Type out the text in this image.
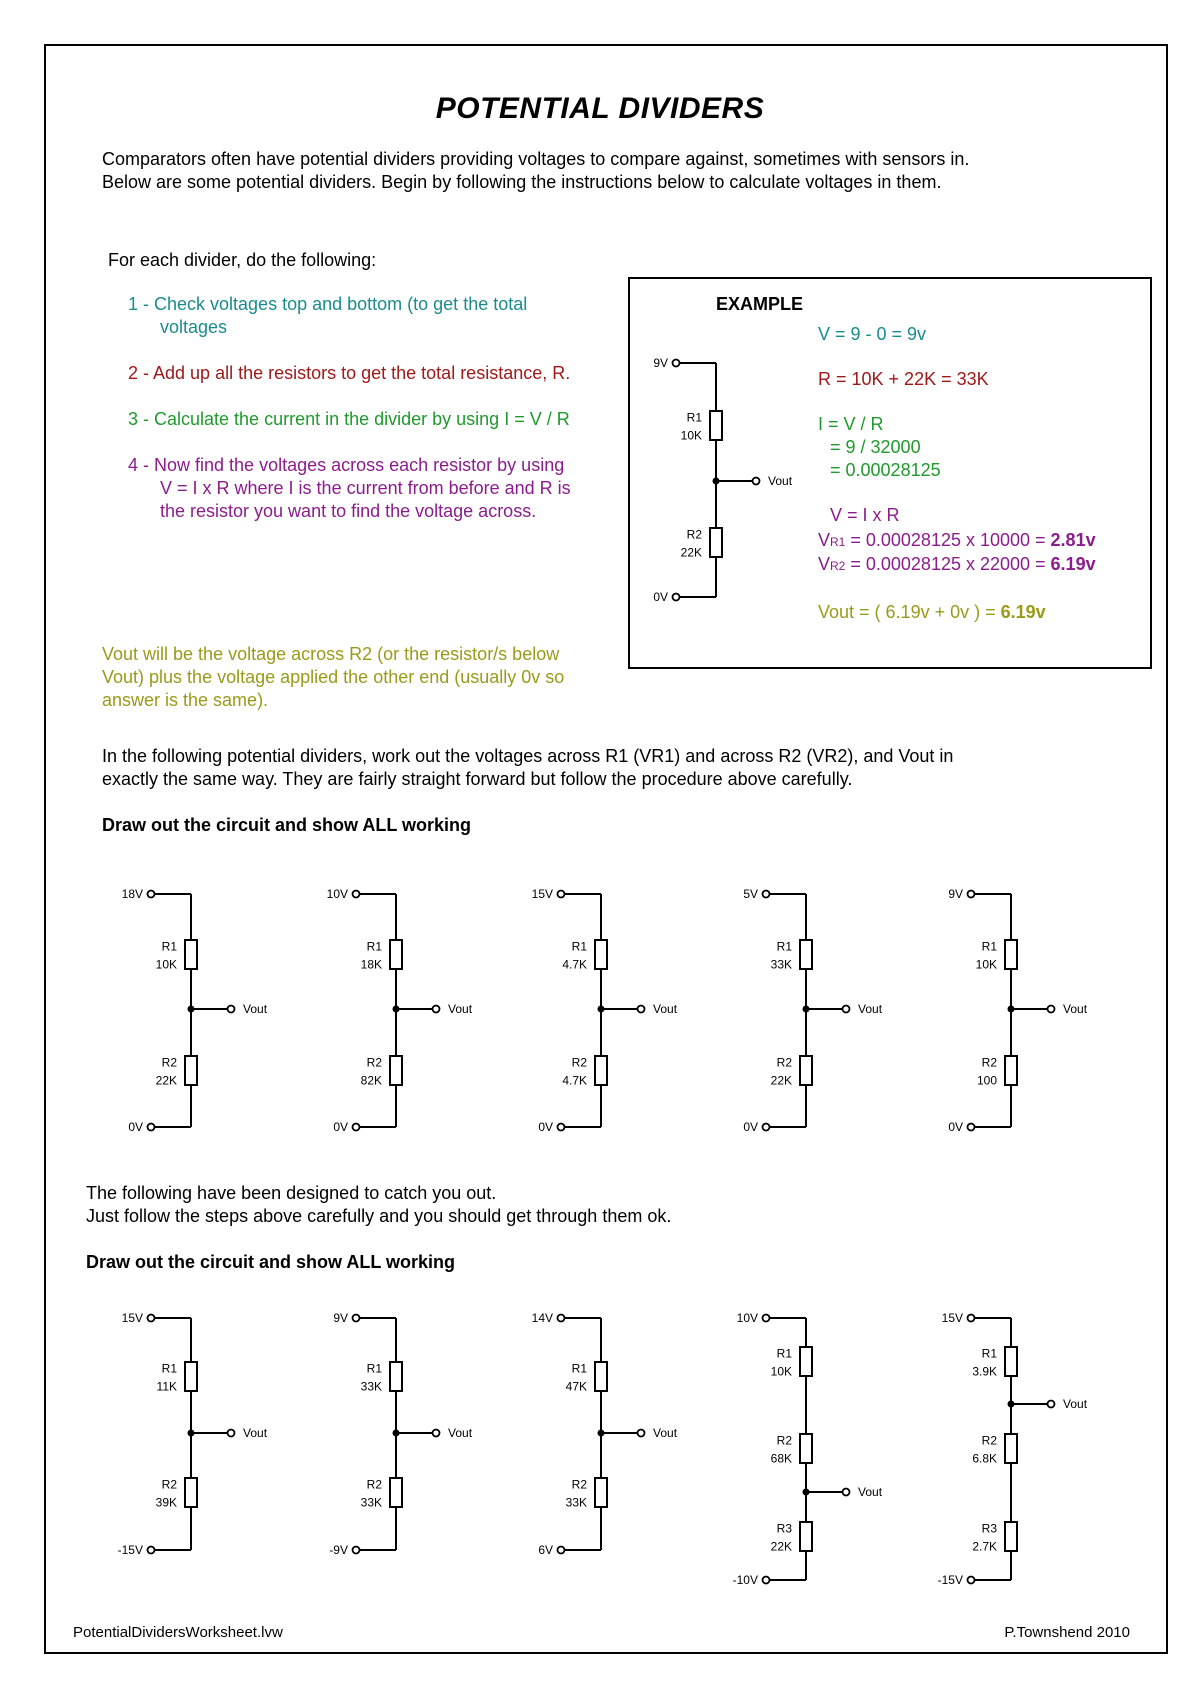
POTENTIAL DIVIDERS
Comparators often have potential dividers providing voltages to compare against, sometimes with sensors in.
Below are some potential dividers. Begin by following the instructions below to calculate voltages in them.
For each divider, do the following:
1 - Check voltages top and bottom (to get the total voltages
2 - Add up all the resistors to get the total resistance, R.
3 - Calculate the current in the divider by using I = V / R
4 - Now find the voltages across each resistor by using V = I x R where I is the current from before and R is the resistor you want to find the voltage across.
Vout will be the voltage across R2 (or the resistor/s below Vout) plus the voltage applied the other end (usually 0v so answer is the same).
EXAMPLE
V = 9 - 0 = 9v
R = 10K + 22K = 33K
I = V / R
= 9 / 32000
= 0.00028125
V = I x R
VR1 = 0.00028125 x 10000 = 2.81v
VR2 = 0.00028125 x 22000 = 6.19v
Vout = ( 6.19v + 0v ) = 6.19v
In the following potential dividers, work out the voltages across R1 (VR1) and across R2 (VR2), and Vout in
exactly the same way. They are fairly straight forward but follow the procedure above carefully.
Draw out the circuit and show ALL working
The following have been designed to catch you out.
Just follow the steps above carefully and you should get through them ok.
Draw out the circuit and show ALL working
9V
0V
R1
10K
R2
22K
Vout
18V
0V
R1
10K
R2
22K
Vout
10V
0V
R1
18K
R2
82K
Vout
15V
0V
R1
4.7K
R2
4.7K
Vout
5V
0V
R1
33K
R2
22K
Vout
9V
0V
R1
10K
R2
100
Vout
15V
-15V
R1
11K
R2
39K
Vout
9V
-9V
R1
33K
R2
33K
Vout
14V
6V
R1
47K
R2
33K
Vout
10V
-10V
R1
10K
R2
68K
R3
22K
Vout
15V
-15V
R1
3.9K
R2
6.8K
R3
2.7K
Vout
PotentialDividersWorksheet.lvw	P.Townshend 2010
